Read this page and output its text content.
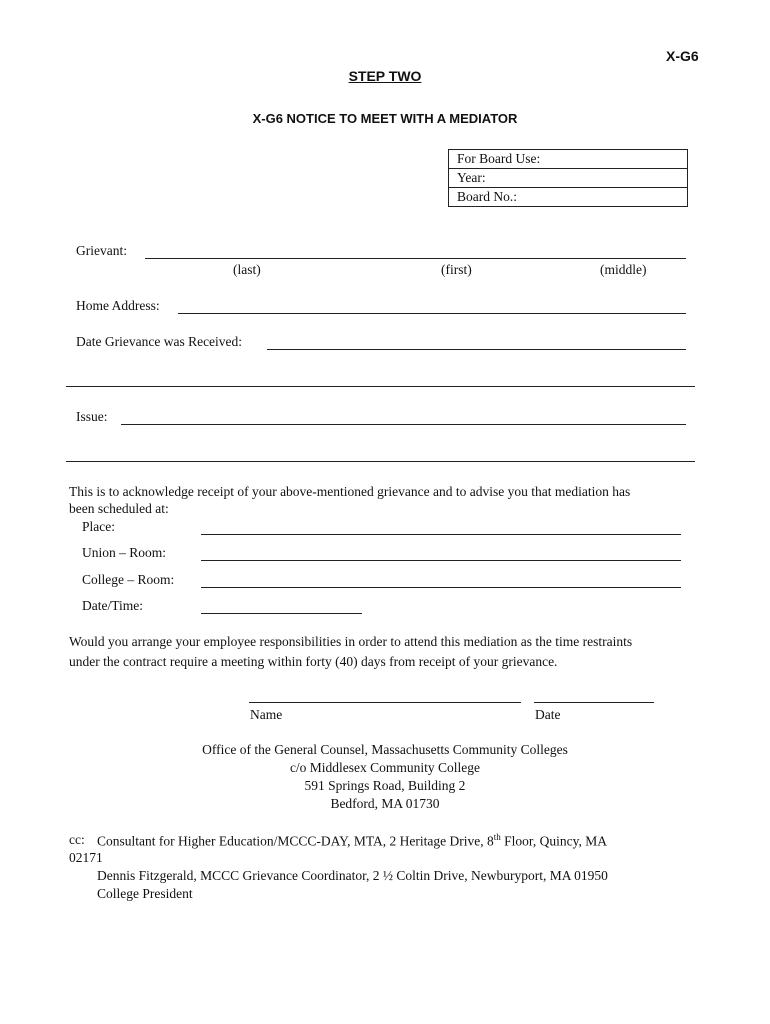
X-G6
STEP TWO
X-G6 NOTICE TO MEET WITH A MEDIATOR
For Board Use:
Year:
Board No.:
Grievant:
(last)	(first)	(middle)
Home Address:
Date Grievance was Received:
Issue:
This is to acknowledge receipt of your above-mentioned grievance and to advise you that mediation has
been scheduled at:
Place:
Union – Room:
College – Room:
Date/Time:
Would you arrange your employee responsibilities in order to attend this mediation as the time restraints
under the contract require a meeting within forty (40) days from receipt of your grievance.
Name	Date
Office of the General Counsel, Massachusetts Community Colleges
c/o Middlesex Community College
591 Springs Road, Building 2
Bedford, MA 01730
cc: Consultant for Higher Education/MCCC-DAY, MTA, 2 Heritage Drive, 8th Floor, Quincy, MA
02171
Dennis Fitzgerald, MCCC Grievance Coordinator, 2 ½ Coltin Drive, Newburyport, MA 01950
College President
